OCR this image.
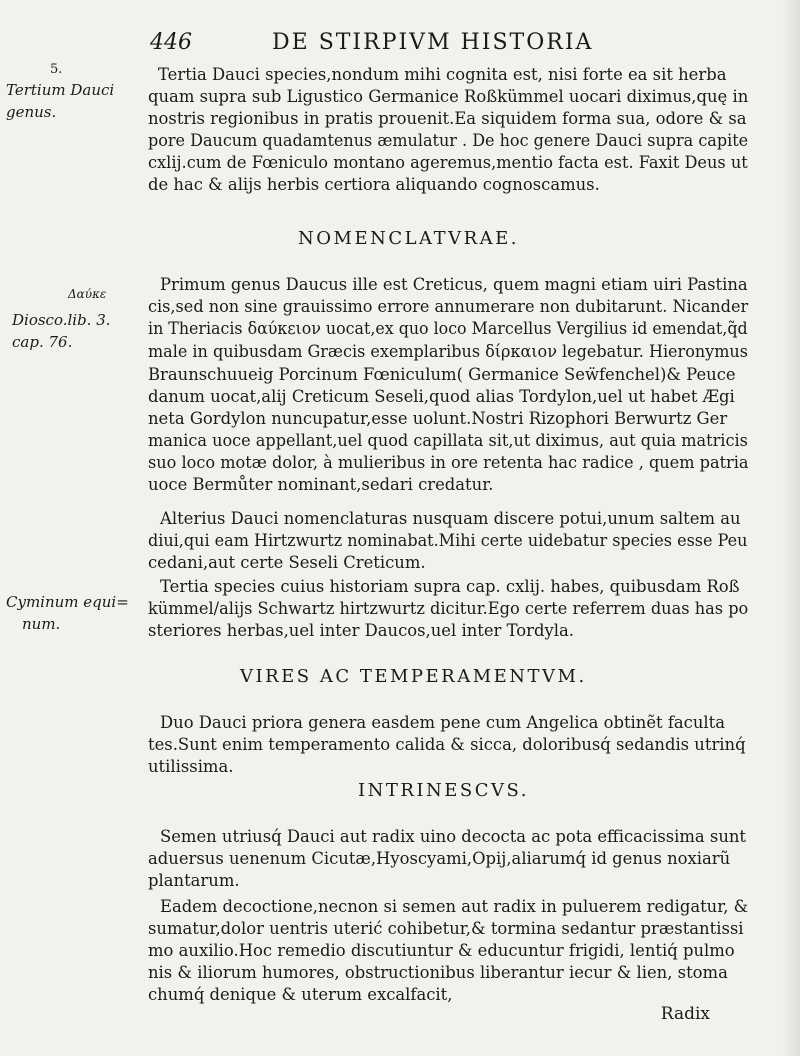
446	DE STIRPIVM HISTORIA
5.
Tertium Dauci
genus.
Δαύκε
Diosco.lib. 3.
cap. 76.
Cyminum equi=
num.
Tertia Dauci species,nondum mihi cognita est, nisi forte ea sit herba
quam supra sub Ligustico Germanice Roßkümmel uocari diximus,quę in
nostris regionibus in pratis prouenit.Ea siquidem forma sua, odore & sa
pore Daucum quadamtenus æmulatur . De hoc genere Dauci supra capite
cxlij.cum de Fœniculo montano ageremus,mentio facta est. Faxit Deus ut
de hac & alijs herbis certiora aliquando cognoscamus.
NOMENCLATVRAE.
Primum genus Daucus ille est Creticus, quem magni etiam uiri Pastina
cis,sed non sine grauissimo errore annumerare non dubitarunt. Nicander
in Theriacis δαύκειον uocat,ex quo loco Marcellus Vergilius id emendat,q̃d
male in quibusdam Græcis exemplaribus δίρκαιον legebatur. Hieronymus
Braunschuueig Porcinum Fœniculum( Germanice Seẅfenchel)& Peuce
danum uocat,alij Creticum Seseli,quod alias Tordylon,uel ut habet Ægi
neta Gordylon nuncupatur,esse uolunt.Nostri Rizophori Berwurtz Ger
manica uoce appellant,uel quod capillata sit,ut diximus, aut quia matricis
suo loco motæ dolor, à mulieribus in ore retenta hac radice , quem patria
uoce Bermůter nominant,sedari credatur.
Alterius Dauci nomenclaturas nusquam discere potui,unum saltem au
diui,qui eam Hirtzwurtz nominabat.Mihi certe uidebatur species esse Peu
cedani,aut certe Seseli Creticum.
Tertia species cuius historiam supra cap. cxlij. habes, quibusdam Roß
kümmel/alijs Schwartz hirtzwurtz dicitur.Ego certe referrem duas has po
steriores herbas,uel inter Daucos,uel inter Tordyla.
VIRES AC TEMPERAMENTVM.
Duo Dauci priora genera easdem pene cum Angelica obtinẽt faculta
tes.Sunt enim temperamento calida & sicca, doloribusq́ sedandis utrinq́
utilissima.
INTRINESCVS.
Semen utriusq́ Dauci aut radix uino decocta ac pota efficacissima sunt
aduersus uenenum Cicutæ,Hyoscyami,Opij,aliarumq́ id genus noxiarũ
plantarum.
Eadem decoctione,necnon si semen aut radix in puluerem redigatur, &
sumatur,dolor uentris uterić cohibetur,& tormina sedantur præstantissi
mo auxilio.Hoc remedio discutiuntur & educuntur frigidi, lentiq́ pulmo
nis & iliorum humores, obstructionibus liberantur iecur & lien, stoma
chumq́ denique & uterum excalfacit,
Radix
